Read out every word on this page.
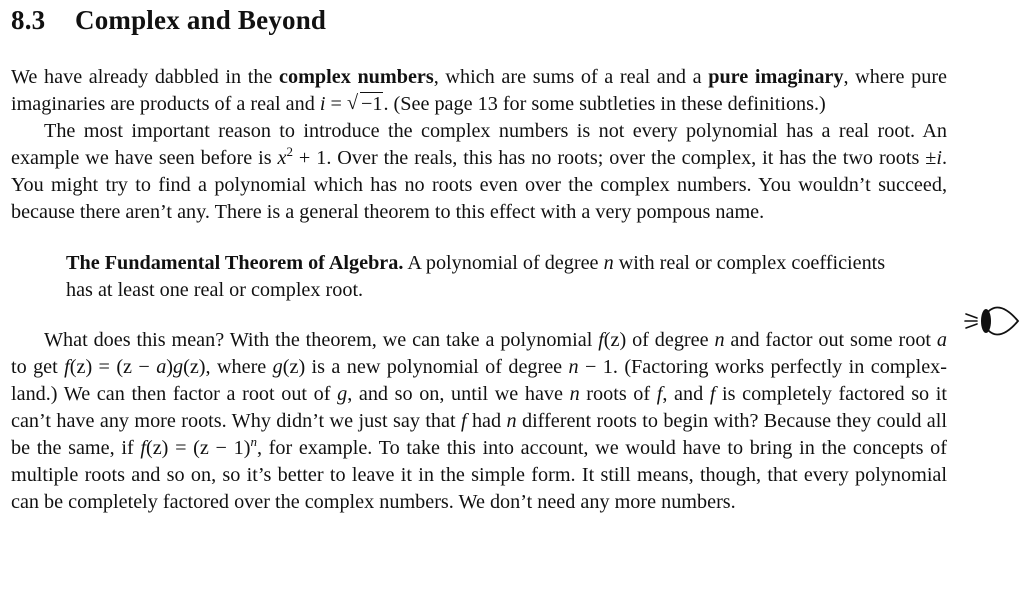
8.3 Complex and Beyond

We have already dabbled in the complex numbers, which are sums of a real and a pure imaginary, where pure imaginaries are products of a real and i = √ −1. (See page 13 for some subtleties in these definitions.)

The most important reason to introduce the complex numbers is not every polynomial has a real root. An example we have seen before is $x^2 + 1$. Over the reals, this has no roots; over the complex, it has the two roots ±i. You might try to find a polynomial which has no roots even over the complex numbers. You wouldn’t succeed, because there aren’t any. There is a general theorem to this effect with a very pompous name.

The Fundamental Theorem of Algebra. A polynomial of degree n with real or complex coefficients has at least one real or complex root.

What does this mean? With the theorem, we can take a polynomial f(z) of degree n and factor out some root a to get f(z) = (z − a)g(z), where g(z) is a new polynomial of degree n − 1. (Factoring works perfectly in complex-land.) We can then factor a root out of g, and so on, until we have n roots of f, and f is completely factored so it can’t have any more roots. Why didn’t we just say that f had n different roots to begin with? Because they could all be the same, if $f(z) = (z - 1)^n$, for example. To take this into account, we would have to bring in the concepts of multiple roots and so on, so it’s better to leave it in the simple form. It still means, though, that every polynomial can be completely factored over the complex numbers. We don’t need any more numbers.
